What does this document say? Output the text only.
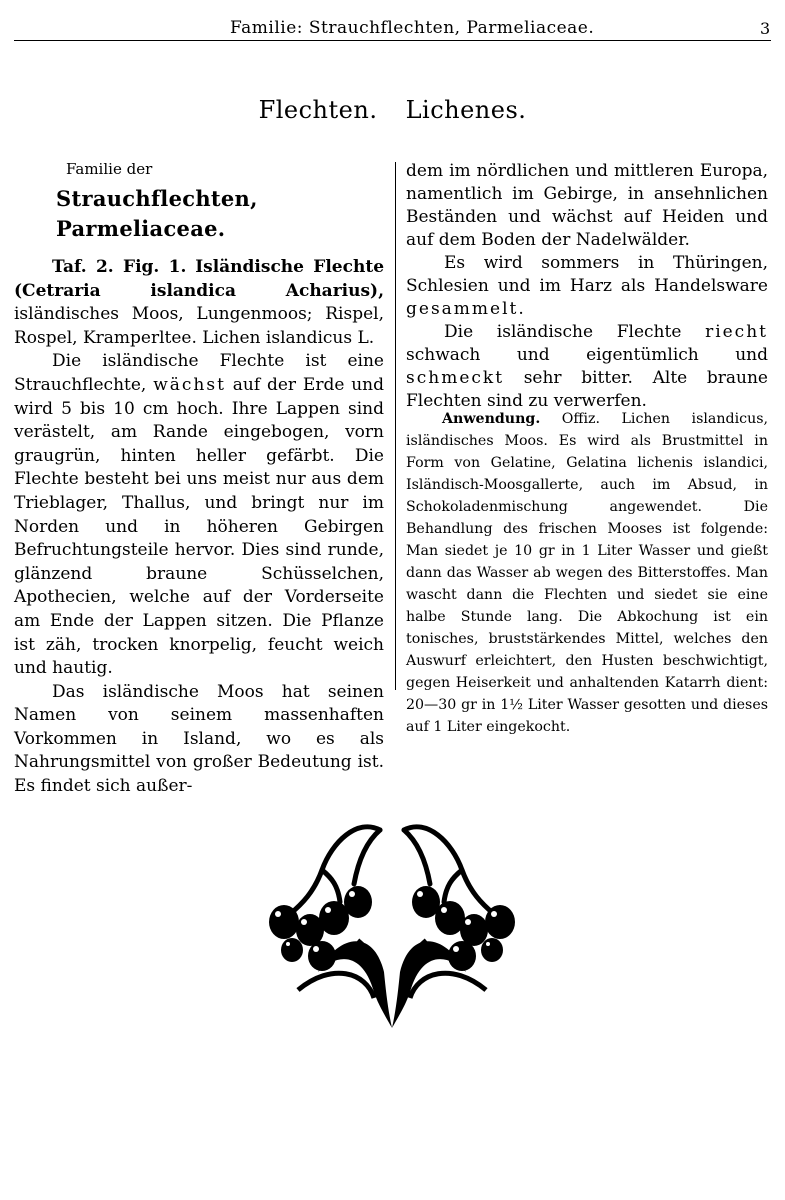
Familie: Strauchflechten, Parmeliaceae.	3
Flechten. Lichenes.
Familie der
Strauchflechten, Parmeliaceae.

Taf. 2. Fig. 1. Isländische Flechte (Cetraria islandica Acharius), isländisches Moos, Lungenmoos; Rispel, Rospel, Kramperltee. Lichen islandicus L.

Die isländische Flechte ist eine Strauchflechte, wächst auf der Erde und wird 5 bis 10 cm hoch. Ihre Lappen sind verästelt, am Rande eingebogen, vorn graugrün, hinten heller gefärbt. Die Flechte besteht bei uns meist nur aus dem Trieblager, Thallus, und bringt nur im Norden und in höheren Gebirgen Befruchtungsteile hervor. Dies sind runde, glänzend braune Schüsselchen, Apothecien, welche auf der Vorderseite am Ende der Lappen sitzen. Die Pflanze ist zäh, trocken knorpelig, feucht weich und hautig.

Das isländische Moos hat seinen Namen von seinem massenhaften Vorkommen in Island, wo es als Nahrungsmittel von großer Bedeutung ist. Es findet sich außer-

dem im nördlichen und mittleren Europa, namentlich im Gebirge, in ansehnlichen Beständen und wächst auf Heiden und auf dem Boden der Nadelwälder.

Es wird sommers in Thüringen, Schlesien und im Harz als Handelsware gesammelt.

Die isländische Flechte riecht schwach und eigentümlich und schmeckt sehr bitter. Alte braune Flechten sind zu verwerfen.

Anwendung. Offiz. Lichen islandicus, isländisches Moos. Es wird als Brustmittel in Form von Gelatine, Gelatina lichenis islandici, Isländisch-Moosgallerte, auch im Absud, in Schokoladenmischung angewendet. Die Behandlung des frischen Mooses ist folgende: Man siedet je 10 gr in 1 Liter Wasser und gießt dann das Wasser ab wegen des Bitterstoffes. Man wascht dann die Flechten und siedet sie eine halbe Stunde lang. Die Abkochung ist ein tonisches, bruststärkendes Mittel, welches den Auswurf erleichtert, den Husten beschwichtigt, gegen Heiserkeit und anhaltenden Katarrh dient: 20—30 gr in 1½ Liter Wasser gesotten und dieses auf 1 Liter eingekocht.
